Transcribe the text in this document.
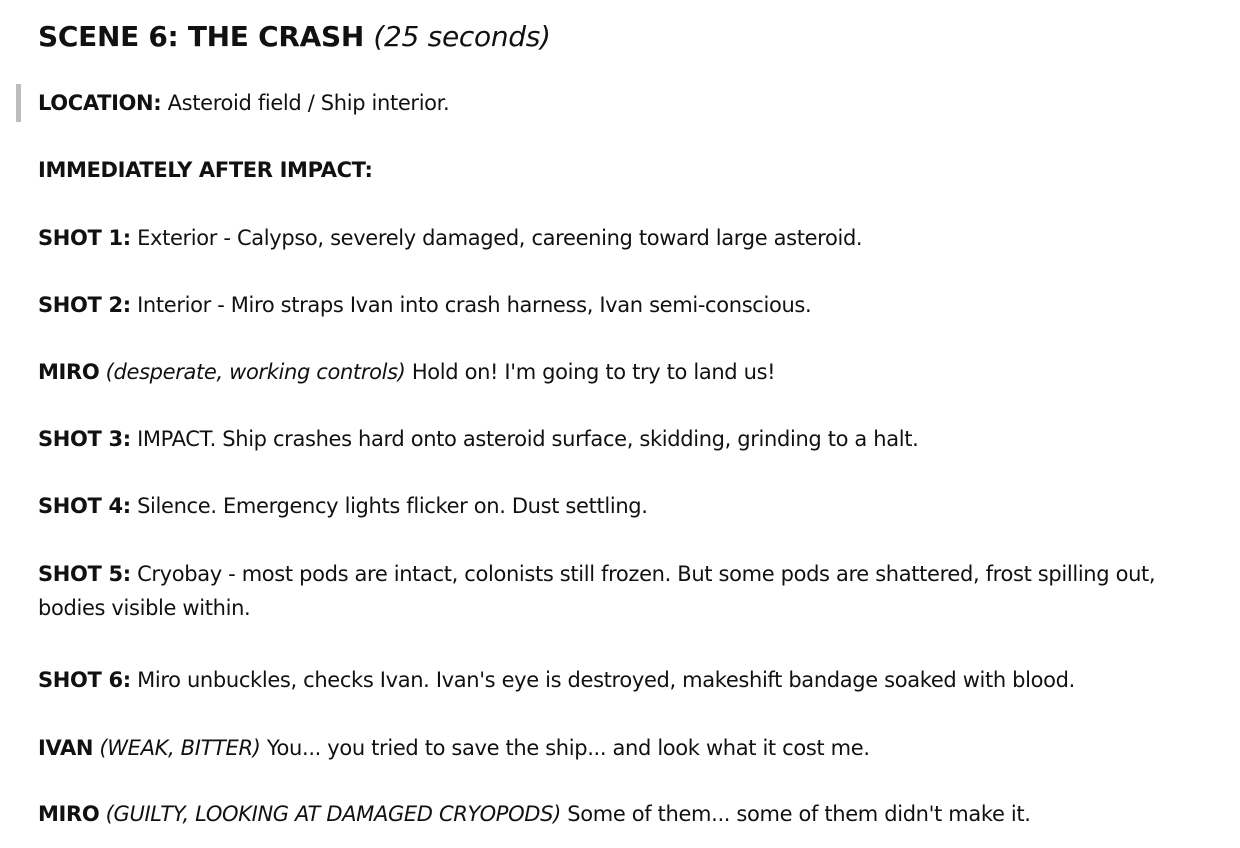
SCENE 6: THE CRASH (25 seconds)

LOCATION: Asteroid field / Ship interior.

IMMEDIATELY AFTER IMPACT:

SHOT 1: Exterior - Calypso, severely damaged, careening toward large asteroid.

SHOT 2: Interior - Miro straps Ivan into crash harness, Ivan semi-conscious.

MIRO (desperate, working controls) Hold on! I'm going to try to land us!

SHOT 3: IMPACT. Ship crashes hard onto asteroid surface, skidding, grinding to a halt.

SHOT 4: Silence. Emergency lights flicker on. Dust settling.

SHOT 5: Cryobay - most pods are intact, colonists still frozen. But some pods are shattered, frost spilling out, bodies visible within.

SHOT 6: Miro unbuckles, checks Ivan. Ivan's eye is destroyed, makeshift bandage soaked with blood.

IVAN (WEAK, BITTER) You... you tried to save the ship... and look what it cost me.

MIRO (GUILTY, LOOKING AT DAMAGED CRYOPODS) Some of them... some of them didn't make it.
